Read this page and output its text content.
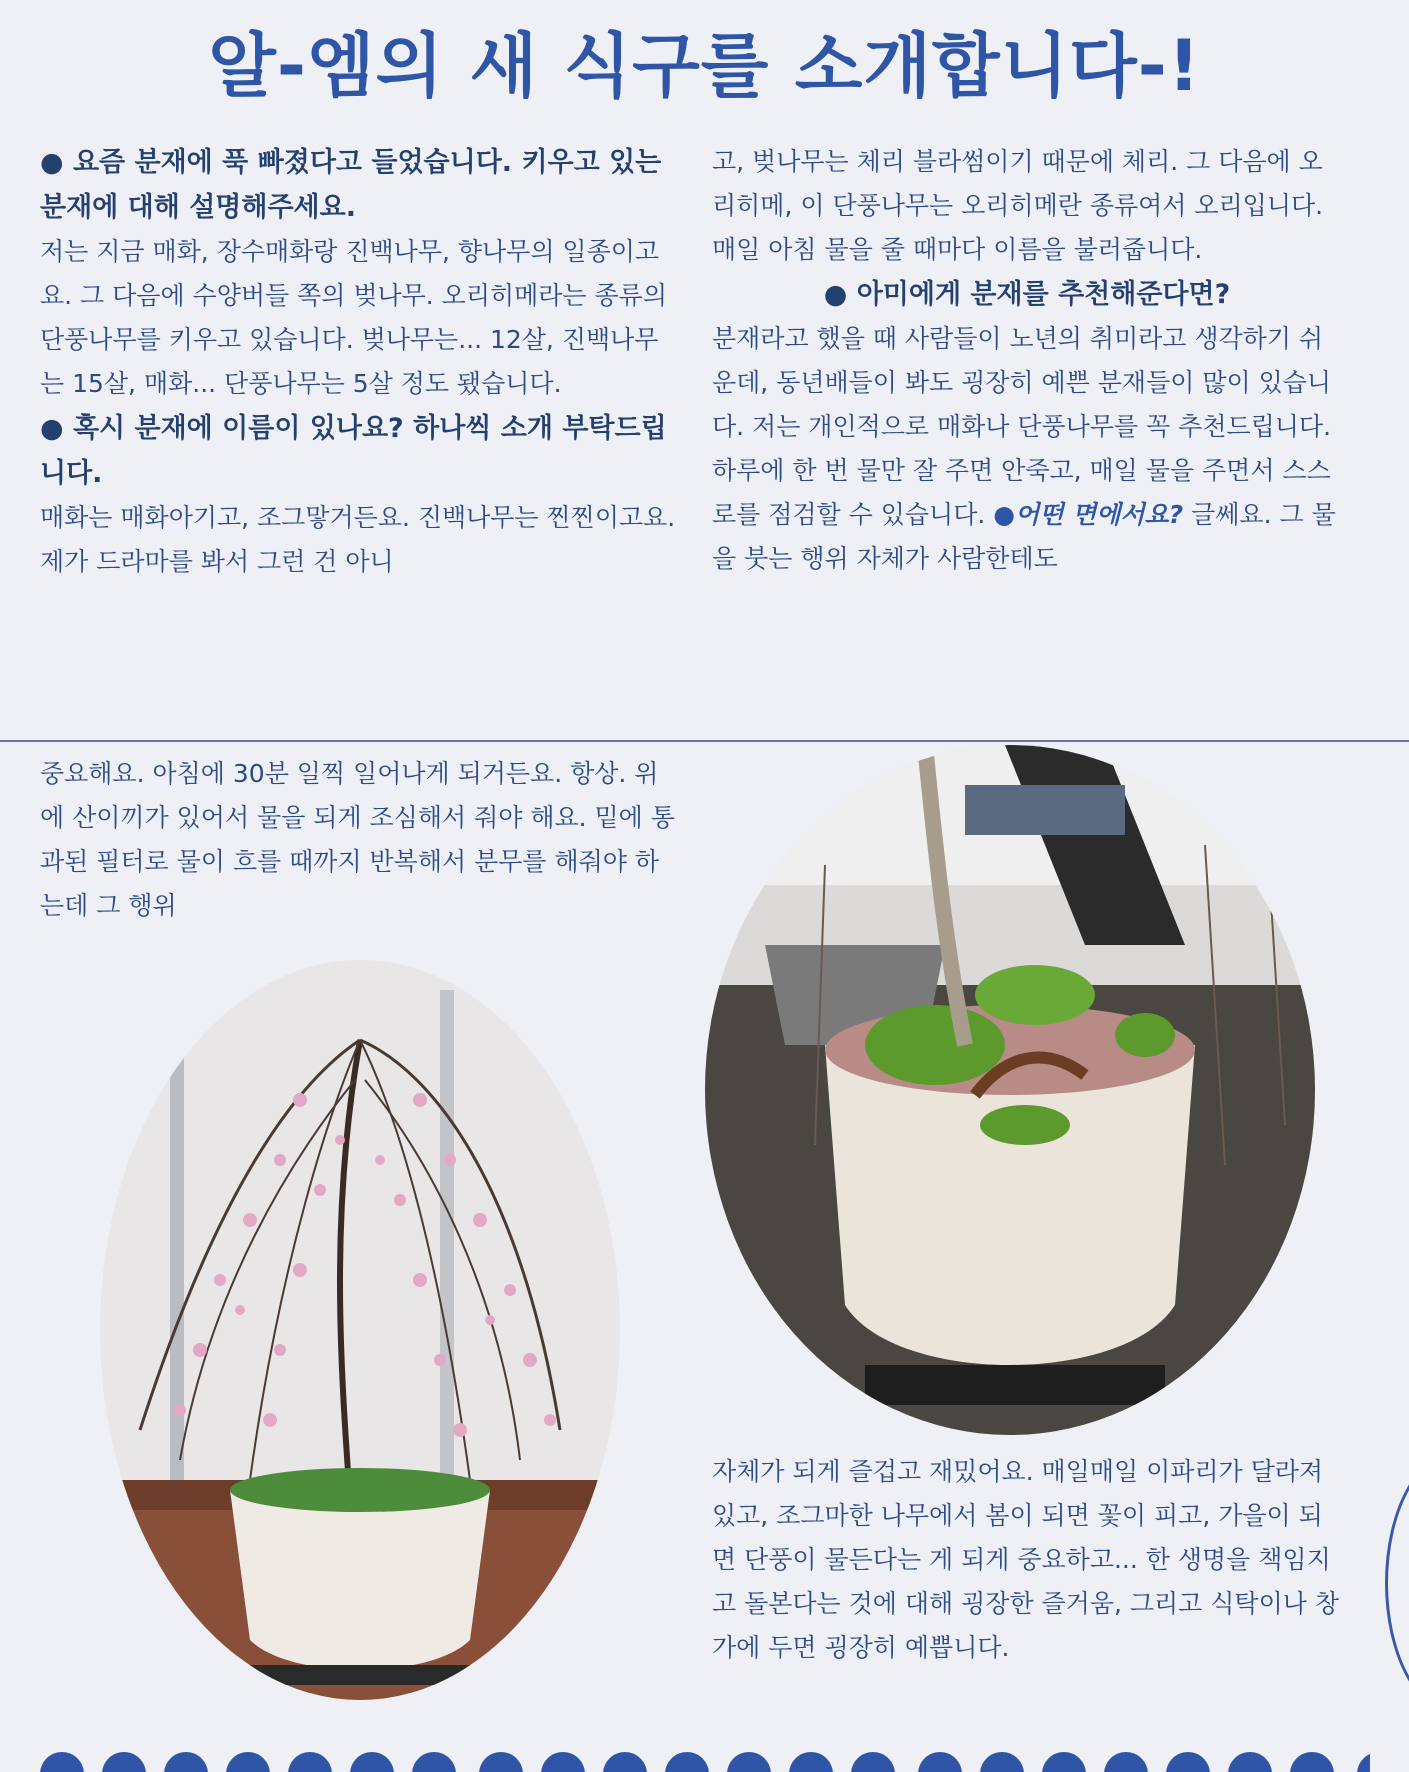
알-엠의 새 식구를 소개합니다-!

● 요즘 분재에 푹 빠졌다고 들었습니다. 키우고 있는 분재에 대해 설명해주세요.

저는 지금 매화, 장수매화랑 진백나무, 향나무의 일종이고요. 그 다음에 수양버들 쪽의 벚나무. 오리히메라는 종류의 단풍나무를 키우고 있습니다. 벚나무는... 12살, 진백나무는 15살, 매화... 단풍나무는 5살 정도 됐습니다.

● 혹시 분재에 이름이 있나요? 하나씩 소개 부탁드립니다.

매화는 매화아기고, 조그맣거든요. 진백나무는 찐찐이고요. 제가 드라마를 봐서 그런 건 아니

고, 벚나무는 체리 블라썸이기 때문에 체리. 그 다음에 오리히메, 이 단풍나무는 오리히메란 종류여서 오리입니다. 매일 아침 물을 줄 때마다 이름을 불러줍니다.

● 아미에게 분재를 추천해준다면?

분재라고 했을 때 사람들이 노년의 취미라고 생각하기 쉬운데, 동년배들이 봐도 굉장히 예쁜 분재들이 많이 있습니다. 저는 개인적으로 매화나 단풍나무를 꼭 추천드립니다. 하루에 한 번 물만 잘 주면 안죽고, 매일 물을 주면서 스스로를 점검할 수 있습니다. ●어떤 면에서요? 글쎄요. 그 물을 붓는 행위 자체가 사람한테도

중요해요. 아침에 30분 일찍 일어나게 되거든요. 항상. 위에 산이끼가 있어서 물을 되게 조심해서 줘야 해요. 밑에 통과된 필터로 물이 흐를 때까지 반복해서 분무를 해줘야 하는데 그 행위

자체가 되게 즐겁고 재밌어요. 매일매일 이파리가 달라져있고, 조그마한 나무에서 봄이 되면 꽃이 피고, 가을이 되면 단풍이 물든다는 게 되게 중요하고... 한 생명을 책임지고 돌본다는 것에 대해 굉장한 즐거움, 그리고 식탁이나 창가에 두면 굉장히 예쁩니다.
